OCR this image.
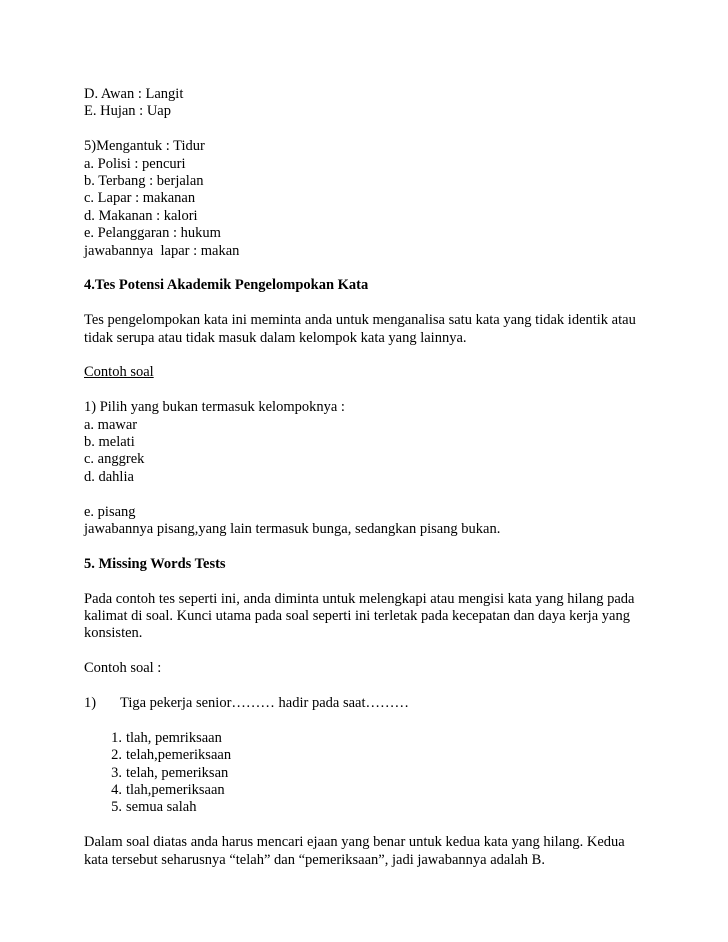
D. Awan : Langit
E. Hujan : Uap
5)Mengantuk : Tidur
a. Polisi : pencuri
b. Terbang : berjalan
c. Lapar : makanan
d. Makanan : kalori
e. Pelanggaran : hukum
jawabannya  lapar : makan
4.Tes Potensi Akademik Pengelompokan Kata
Tes pengelompokan kata ini meminta anda untuk menganalisa satu kata yang tidak identik atau
tidak serupa atau tidak masuk dalam kelompok kata yang lainnya.
Contoh soal
1) Pilih yang bukan termasuk kelompoknya :
a. mawar
b. melati
c. anggrek
d. dahlia
e. pisang
jawabannya pisang,yang lain termasuk bunga, sedangkan pisang bukan.
5. Missing Words Tests
Pada contoh tes seperti ini, anda diminta untuk melengkapi atau mengisi kata yang hilang pada
kalimat di soal. Kunci utama pada soal seperti ini terletak pada kecepatan dan daya kerja yang
konsisten.
Contoh soal :
1) Tiga pekerja senior……… hadir pada saat………
1. tlah, pemriksaan
2. telah,pemeriksaan
3. telah, pemeriksan
4. tlah,pemeriksaan
5. semua salah
Dalam soal diatas anda harus mencari ejaan yang benar untuk kedua kata yang hilang. Kedua
kata tersebut seharusnya “telah” dan “pemeriksaan”, jadi jawabannya adalah B.
